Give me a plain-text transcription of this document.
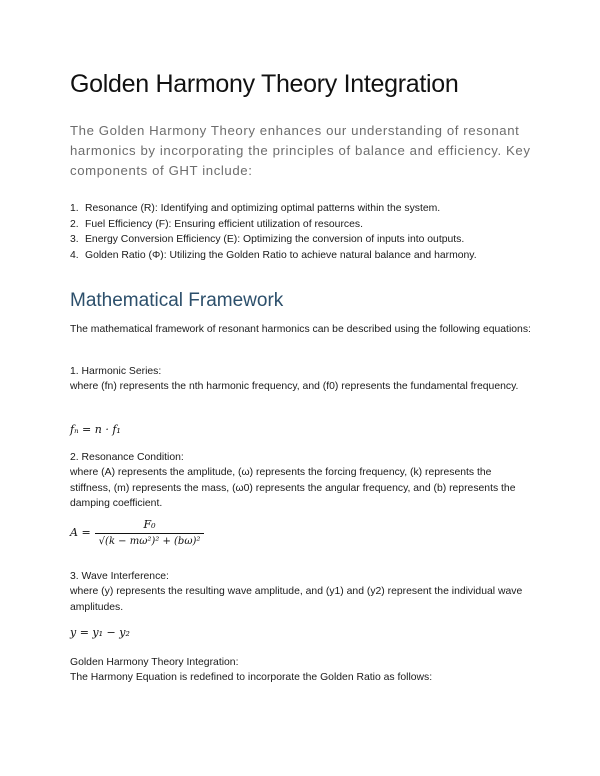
Golden Harmony Theory Integration

The Golden Harmony Theory enhances our understanding of resonant harmonics by incorporating the principles of balance and efficiency. Key components of GHT include:

1. Resonance (R): Identifying and optimizing optimal patterns within the system.
2. Fuel Efficiency (F): Ensuring efficient utilization of resources.
3. Energy Conversion Efficiency (E): Optimizing the conversion of inputs into outputs.
4. Golden Ratio (Φ): Utilizing the Golden Ratio to achieve natural balance and harmony.
Mathematical Framework

The mathematical framework of resonant harmonics can be described using the following equations:

1. Harmonic Series:

where (fn) represents the nth harmonic frequency, and (f0) represents the fundamental frequency.

fₙ = n · f₁

2. Resonance Condition:

where (A) represents the amplitude, (ω) represents the forcing frequency, (k) represents the stiffness, (m) represents the mass, (ω0) represents the angular frequency, and (b) represents the damping coefficient.

$A = \frac{\text{F₀}}{\text{√(k − mω²)² + (bω)²}}$

3. Wave Interference:

where (y) represents the resulting wave amplitude, and (y1) and (y2) represent the individual wave amplitudes.

y = y₁ − y₂

Golden Harmony Theory Integration:

The Harmony Equation is redefined to incorporate the Golden Ratio as follows:
